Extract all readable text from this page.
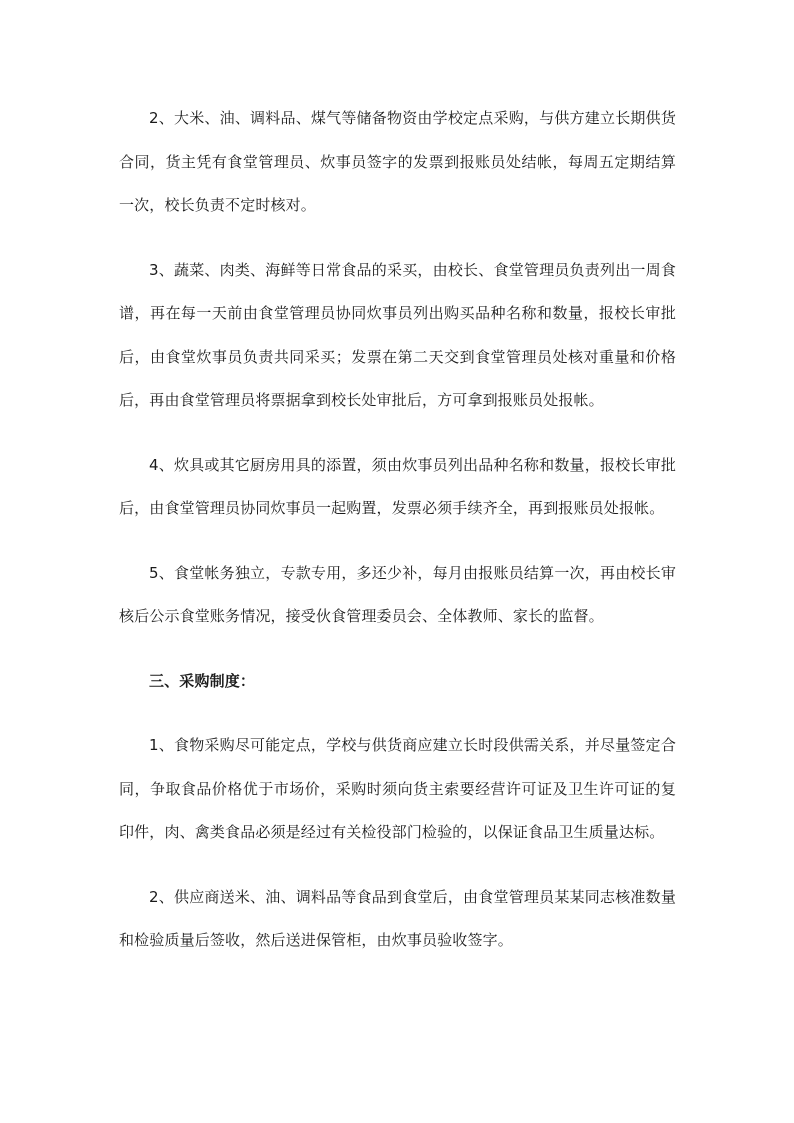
2、大米、油、调料品、煤气等储备物资由学校定点采购，与供方建立长期供货合同，货主凭有食堂管理员、炊事员签字的发票到报账员处结帐，每周五定期结算一次，校长负责不定时核对。

3、蔬菜、肉类、海鲜等日常食品的采买，由校长、食堂管理员负责列出一周食谱，再在每一天前由食堂管理员协同炊事员列出购买品种名称和数量，报校长审批后，由食堂炊事员负责共同采买；发票在第二天交到食堂管理员处核对重量和价格后，再由食堂管理员将票据拿到校长处审批后，方可拿到报账员处报帐。

4、炊具或其它厨房用具的添置，须由炊事员列出品种名称和数量，报校长审批后，由食堂管理员协同炊事员一起购置，发票必须手续齐全，再到报账员处报帐。

5、食堂帐务独立，专款专用，多还少补，每月由报账员结算一次，再由校长审核后公示食堂账务情况，接受伙食管理委员会、全体教师、家长的监督。

三、采购制度：

1、食物采购尽可能定点，学校与供货商应建立长时段供需关系，并尽量签定合同，争取食品价格优于市场价，采购时须向货主索要经营许可证及卫生许可证的复印件，肉、禽类食品必须是经过有关检役部门检验的，以保证食品卫生质量达标。

2、供应商送米、油、调料品等食品到食堂后，由食堂管理员某某同志核准数量和检验质量后签收，然后送进保管柜，由炊事员验收签字。
